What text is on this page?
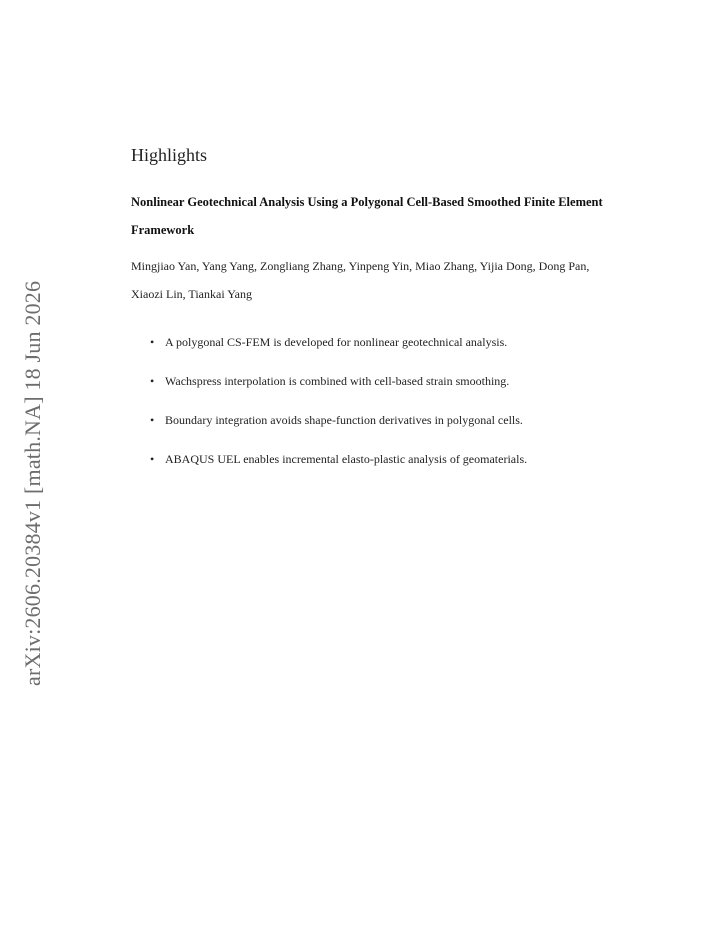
arXiv:2606.20384v1 [math.NA] 18 Jun 2026
Highlights

Nonlinear Geotechnical Analysis Using a Polygonal Cell-Based Smoothed Finite Element Framework

Mingjiao Yan, Yang Yang, Zongliang Zhang, Yinpeng Yin, Miao Zhang, Yijia Dong, Dong Pan, Xiaozi Lin, Tiankai Yang

• A polygonal CS-FEM is developed for nonlinear geotechnical analysis.
• Wachspress interpolation is combined with cell-based strain smoothing.
• Boundary integration avoids shape-function derivatives in polygonal cells.
• ABAQUS UEL enables incremental elasto-plastic analysis of geomaterials.
